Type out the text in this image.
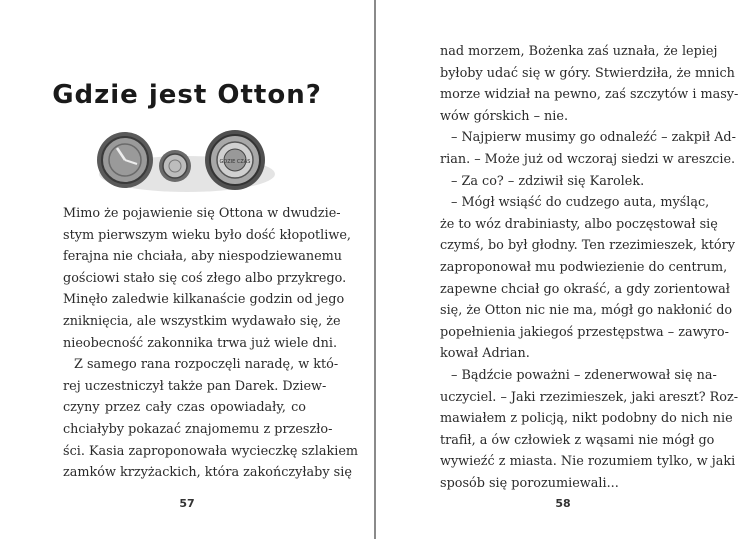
Gdzie jest Otton?
GDZIE CZAS
Mimo że pojawienie się Ottona w dwudzie-
stym pierwszym wieku było dość kłopotliwe,
ferajna nie chciała, aby niespodziewanemu
gościowi stało się coś złego albo przykrego.
Minęło zaledwie kilkanaście godzin od jego
zniknięcia, ale wszystkim wydawało się, że
nieobecność zakonnika trwa już wiele dni.
Z samego rana rozpoczęli naradę, w któ-
rej uczestniczył także pan Darek. Dziew-
czyny przez cały czas opowiadały, co
chciałyby pokazać znajomemu z przeszło-
ści. Kasia zaproponowała wycieczkę szlakiem
zamków krzyżackich, która zakończyłaby się
57
nad morzem, Bożenka zaś uznała, że lepiej
byłoby udać się w góry. Stwierdziła, że mnich
morze widział na pewno, zaś szczytów i masy-
wów górskich – nie.
– Najpierw musimy go odnaleźć – zakpił Ad-
rian. – Może już od wczoraj siedzi w areszcie.
– Za co? – zdziwił się Karolek.
– Mógł wsiąść do cudzego auta, myśląc,
że to wóz drabiniasty, albo poczęstował się
czymś, bo był głodny. Ten rzezimieszek, który
zaproponował mu podwiezienie do centrum,
zapewne chciał go okraść, a gdy zorientował
się, że Otton nic nie ma, mógł go nakłonić do
popełnienia jakiegoś przestępstwa – zawyro-
kował Adrian.
– Bądźcie poważni – zdenerwował się na-
uczyciel. – Jaki rzezimieszek, jaki areszt? Roz-
mawiałem z policją, nikt podobny do nich nie
trafił, a ów człowiek z wąsami nie mógł go
wywieźć z miasta. Nie rozumiem tylko, w jaki
sposób się porozumiewali...
58
